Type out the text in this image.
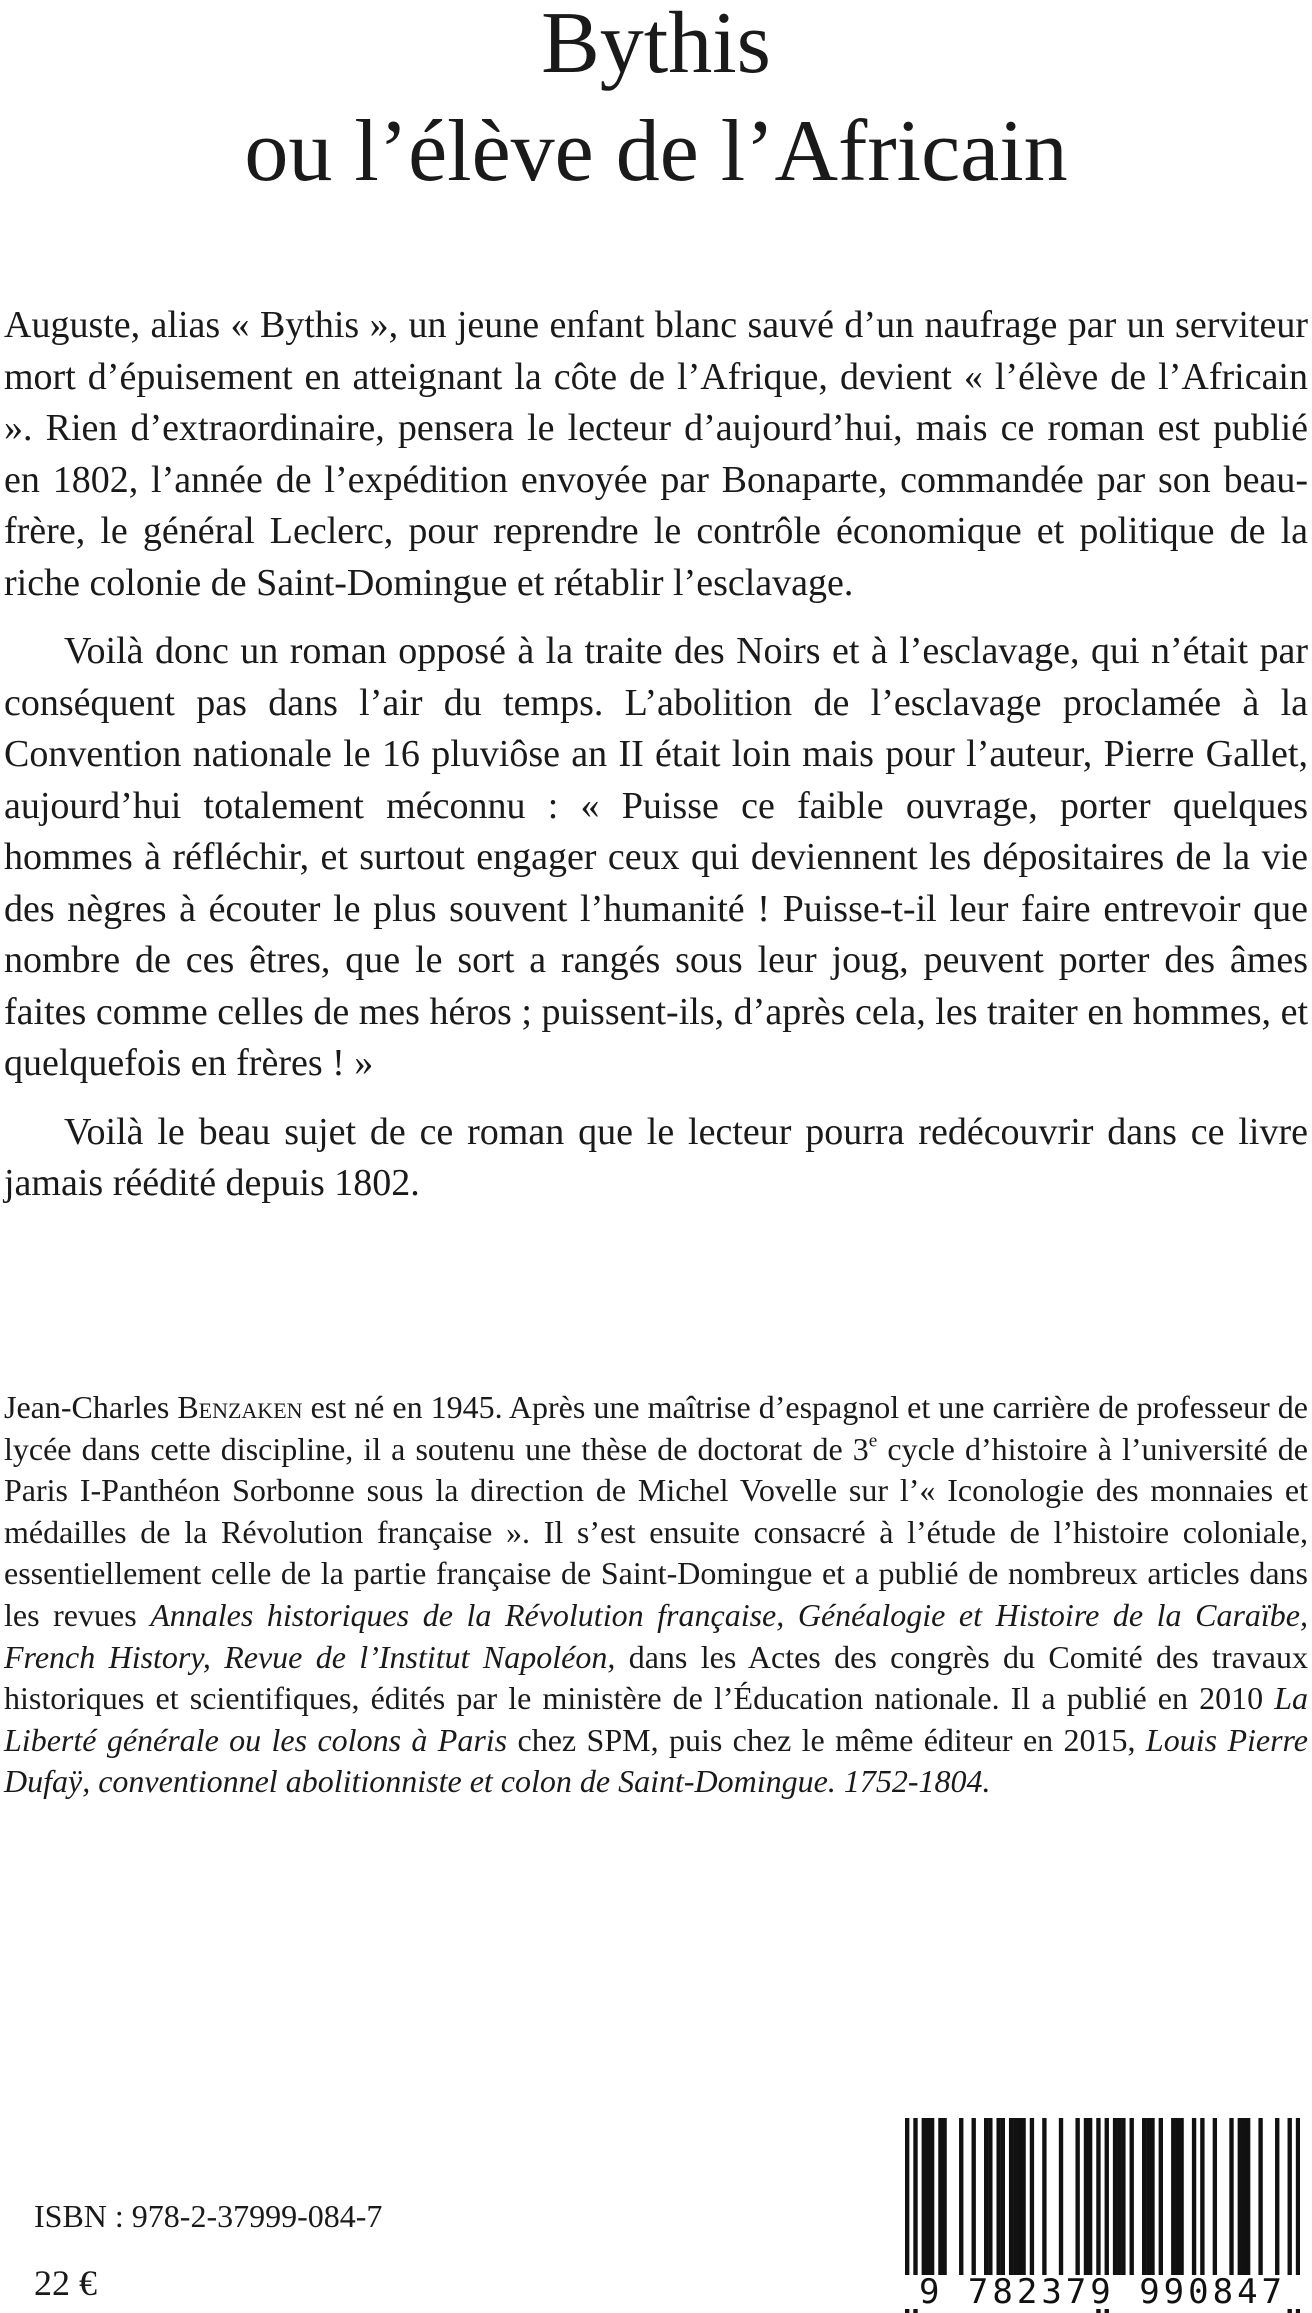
Bythis
ou l’élève de l’Africain

Auguste, alias « Bythis », un jeune enfant blanc sauvé d’un naufrage par un serviteur mort d’épuisement en atteignant la côte de l’Afrique, devient « l’élève de l’Africain ». Rien d’extraordinaire, pensera le lecteur d’aujourd’hui, mais ce roman est publié en 1802, l’année de l’expédition envoyée par Bonaparte, commandée par son beau-frère, le général Leclerc, pour reprendre le contrôle économique et politique de la riche colonie de Saint-Domingue et rétablir l’esclavage.

Voilà donc un roman opposé à la traite des Noirs et à l’esclavage, qui n’était par conséquent pas dans l’air du temps. L’abolition de l’esclavage proclamée à la Convention nationale le 16 pluviôse an II était loin mais pour l’auteur, Pierre Gallet, aujourd’hui totalement méconnu : « Puisse ce faible ouvrage, porter quelques hommes à réfléchir, et surtout engager ceux qui deviennent les dépositaires de la vie des nègres à écouter le plus souvent l’humanité ! Puisse-t-il leur faire entrevoir que nombre de ces êtres, que le sort a rangés sous leur joug, peuvent porter des âmes faites comme celles de mes héros ; puissent-ils, d’après cela, les traiter en hommes, et quelquefois en frères ! »

Voilà le beau sujet de ce roman que le lecteur pourra redécouvrir dans ce livre jamais réédité depuis 1802.

Jean-Charles Benzaken est né en 1945. Après une maîtrise d’espagnol et une carrière de professeur de lycée dans cette discipline, il a soutenu une thèse de doctorat de 3e cycle d’histoire à l’université de Paris I-Panthéon Sorbonne sous la direction de Michel Vovelle sur l’« Iconologie des monnaies et médailles de la Révolution française ». Il s’est ensuite consacré à l’étude de l’histoire coloniale, essentiellement celle de la partie française de Saint-Domingue et a publié de nombreux articles dans les revues Annales historiques de la Révolution française, Généalogie et Histoire de la Caraïbe, French History, Revue de l’Institut Napoléon, dans les Actes des congrès du Comité des travaux historiques et scientifiques, édités par le ministère de l’Éducation nationale. Il a publié en 2010 La Liberté générale ou les colons à Paris chez SPM, puis chez le même éditeur en 2015, Louis Pierre Dufaÿ, conventionnel abolitionniste et colon de Saint-Domingue. 1752-1804.

ISBN : 978-2-37999-084-7
22 €	9 782379 990847
